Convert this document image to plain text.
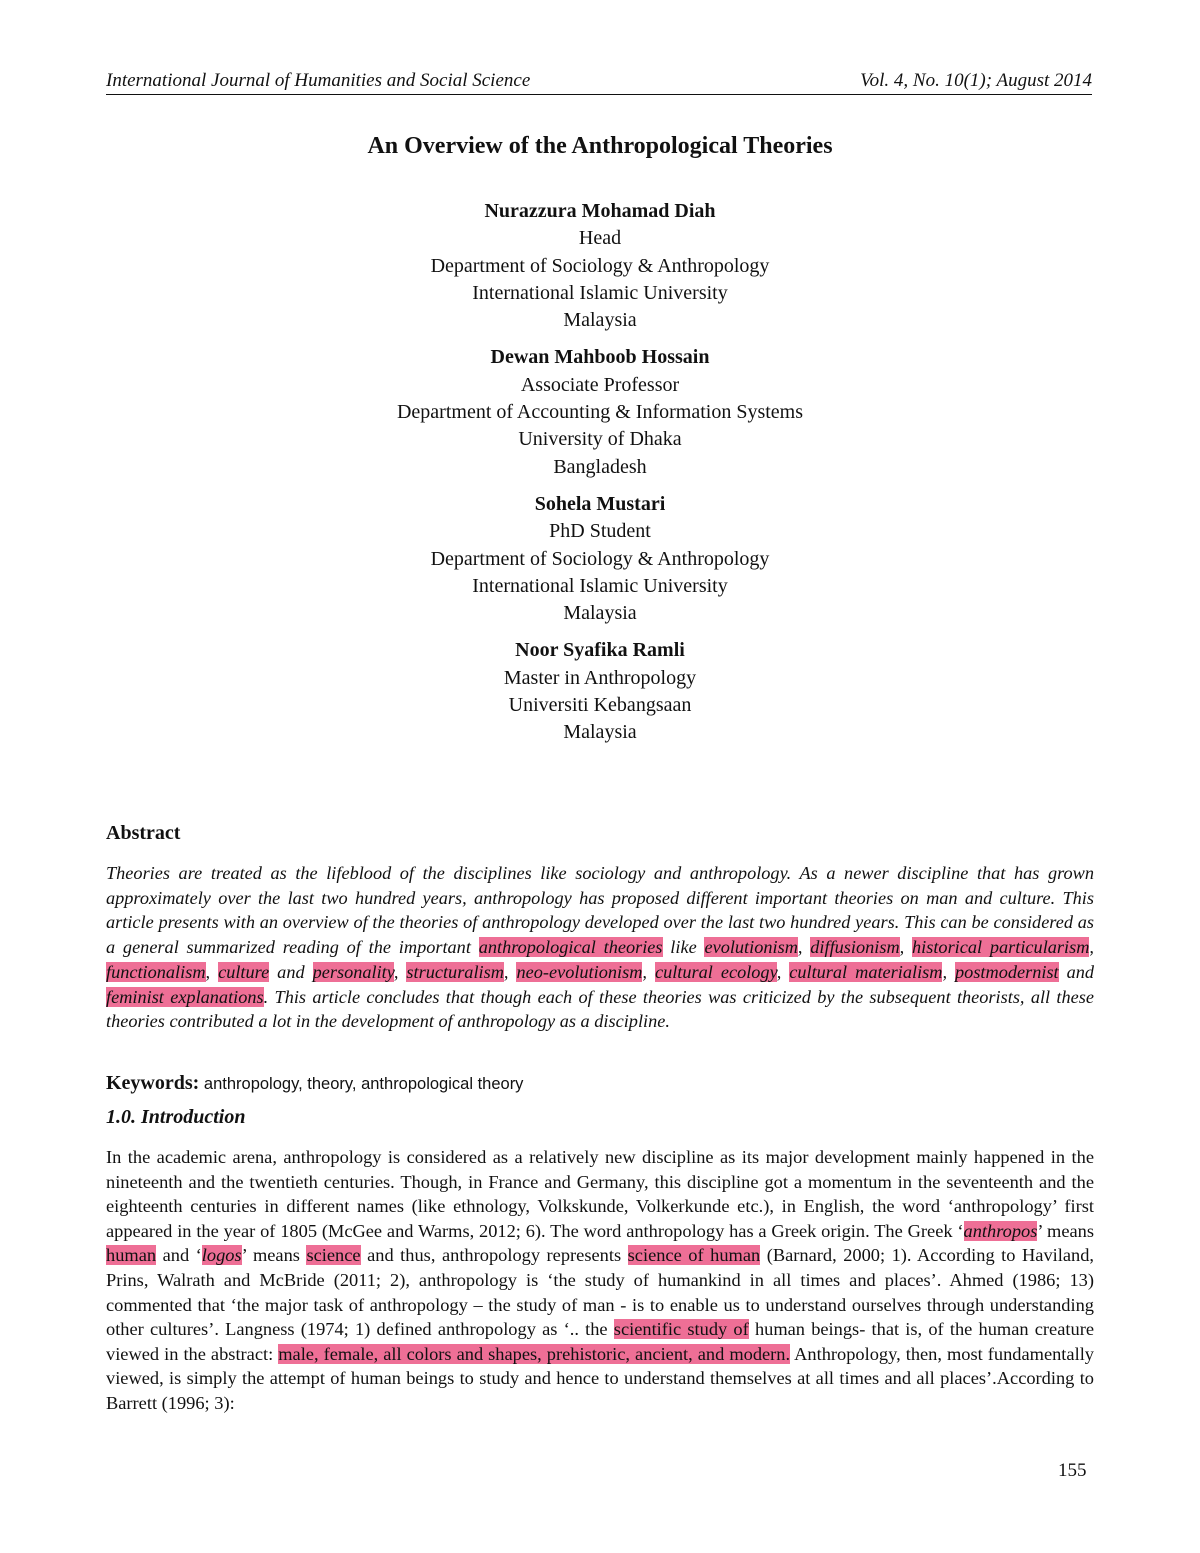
International Journal of Humanities and Social Science	Vol. 4, No. 10(1); August 2014
An Overview of the Anthropological Theories
Nurazzura Mohamad Diah
Head
Department of Sociology & Anthropology
International Islamic University
Malaysia
Dewan Mahboob Hossain
Associate Professor
Department of Accounting & Information Systems
University of Dhaka
Bangladesh
Sohela Mustari
PhD Student
Department of Sociology & Anthropology
International Islamic University
Malaysia
Noor Syafika Ramli
Master in Anthropology
Universiti Kebangsaan
Malaysia
Abstract

Theories are treated as the lifeblood of the disciplines like sociology and anthropology. As a newer discipline that has grown approximately over the last two hundred years, anthropology has proposed different important theories on man and culture. This article presents with an overview of the theories of anthropology developed over the last two hundred years. This can be considered as a general summarized reading of the important anthropological theories like evolutionism, diffusionism, historical particularism, functionalism, culture and personality, structuralism, neo-evolutionism, cultural ecology, cultural materialism, postmodernist and feminist explanations. This article concludes that though each of these theories was criticized by the subsequent theorists, all these theories contributed a lot in the development of anthropology as a discipline.

Keywords: anthropology, theory, anthropological theory
1.0. Introduction

In the academic arena, anthropology is considered as a relatively new discipline as its major development mainly happened in the nineteenth and the twentieth centuries. Though, in France and Germany, this discipline got a momentum in the seventeenth and the eighteenth centuries in different names (like ethnology, Volkskunde, Volkerkunde etc.), in English, the word ‘anthropology’ first appeared in the year of 1805 (McGee and Warms, 2012; 6). The word anthropology has a Greek origin. The Greek ‘anthropos’ means human and ‘logos’ means science and thus, anthropology represents science of human (Barnard, 2000; 1). According to Haviland, Prins, Walrath and McBride (2011; 2), anthropology is ‘the study of humankind in all times and places’. Ahmed (1986; 13) commented that ‘the major task of anthropology – the study of man - is to enable us to understand ourselves through understanding other cultures’. Langness (1974; 1) defined anthropology as ‘.. the scientific study of human beings- that is, of the human creature viewed in the abstract: male, female, all colors and shapes, prehistoric, ancient, and modern. Anthropology, then, most fundamentally viewed, is simply the attempt of human beings to study and hence to understand themselves at all times and all places’.According to Barrett (1996; 3):

155
